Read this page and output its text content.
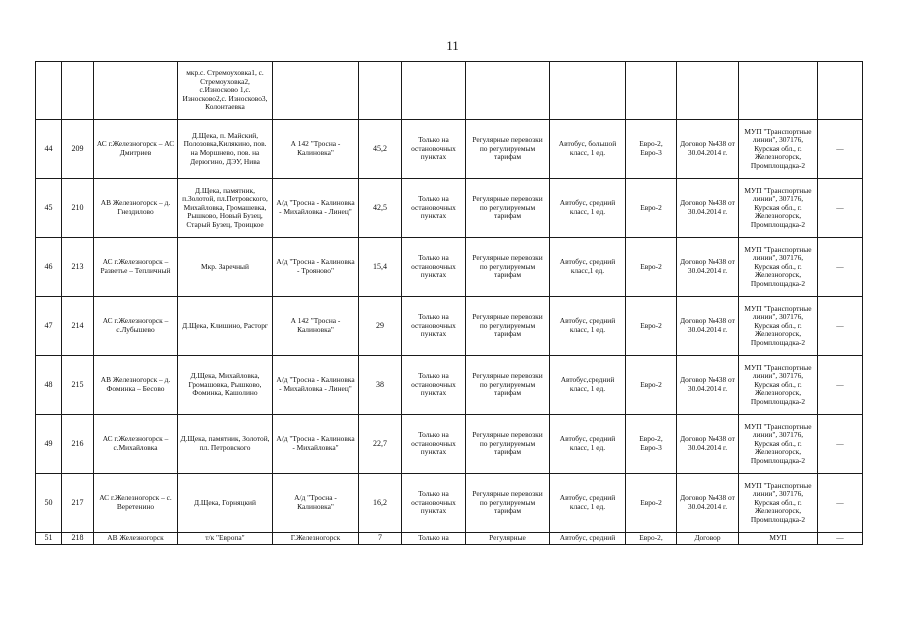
11
			мкр.с. Стремоуховка1, с. Стремоуховка2, с.Износково 1,с. Износково2,с. Износково3, Колонтаевка									
44	209	АС г.Железногорск – АС Дмитриев	Д.Щека, п. Майский, Полозовка,Килякино, пов. на Моршнево, пов. на Дерюгино, ДЭУ, Нива	А 142 "Тросна - Калиновка"	45,2	Только на остановочных пунктах	Регулярные перевозки по регулируемым тарифам	Автобус, большой класс, 1 ед.	Евро-2, Евро-3	Договор №438 от 30.04.2014 г.	МУП "Транспортные линии", 307176, Курская обл., г. Железногорск, Промплощадка-2	—
45	210	АВ Железногорск – д. Гнездилово	Д.Щека, памятник, п.Золотой, пл.Петровского, Михайловка, Громашевка, Рышково, Новый Бузец, Старый Бузец, Троицкое	А/д "Тросна - Калиновка - Михайловка - Линец"	42,5	Только на остановочных пунктах	Регулярные перевозки по регулируемым тарифам	Автобус, средний класс, 1 ед.	Евро-2	Договор №438 от 30.04.2014 г.	МУП "Транспортные линии", 307176, Курская обл., г. Железногорск, Промплощадка-2	—
46	213	АС г.Железногорск – Разветье – Тепличный	Мкр. Заречный	А/д "Тросна - Калиновка - Трояново"	15,4	Только на остановочных пунктах	Регулярные перевозки по регулируемым тарифам	Автобус, средний класс,1 ед.	Евро-2	Договор №438 от 30.04.2014 г.	МУП "Транспортные линии", 307176, Курская обл., г. Железногорск, Промплощадка-2	—
47	214	АС г.Железногорск – с.Лубышево	Д.Щека, Клишино, Расторг	А 142 "Тросна - Калиновка"	29	Только на остановочных пунктах	Регулярные перевозки по регулируемым тарифам	Автобус, средний класс, 1 ед.	Евро-2	Договор №438 от 30.04.2014 г.	МУП "Транспортные линии", 307176, Курская обл., г. Железногорск, Промплощадка-2	—
48	215	АВ Железногорск – д. Фоминка – Бесово	Д.Щека, Михайловка, Громашовка, Рышково, Фоминка, Кашолино	А/д "Тросна - Калиновка - Михайловка - Линец"	38	Только на остановочных пунктах	Регулярные перевозки по регулируемым тарифам	Автобус,средний класс, 1 ед.	Евро-2	Договор №438 от 30.04.2014 г.	МУП "Транспортные линии", 307176, Курская обл., г. Железногорск, Промплощадка-2	—
49	216	АС г.Железногорск – с.Михайловка	Д.Щека, памятник, Золотой, пл. Петровского	А/д "Тросна - Калиновка - Михайловка"	22,7	Только на остановочных пунктах	Регулярные перевозки по регулируемым тарифам	Автобус, средний класс, 1 ед.	Евро-2, Евро-3	Договор №438 от 30.04.2014 г.	МУП "Транспортные линии", 307176, Курская обл., г. Железногорск, Промплощадка-2	—
50	217	АС г.Железногорск – с. Веретенино	Д.Щека, Горняцкий	А/д "Тросна - Калиновка"	16,2	Только на остановочных пунктах	Регулярные перевозки по регулируемым тарифам	Автобус, средний класс, 1 ед.	Евро-2	Договор №438 от 30.04.2014 г.	МУП "Транспортные линии", 307176, Курская обл., г. Железногорск, Промплощадка-2	—
51	218	АВ Железногорск	т/к "Европа"	Г.Железногорск	7	Только на	Регулярные	Автобус, средний	Евро-2,	Договор	МУП	—
